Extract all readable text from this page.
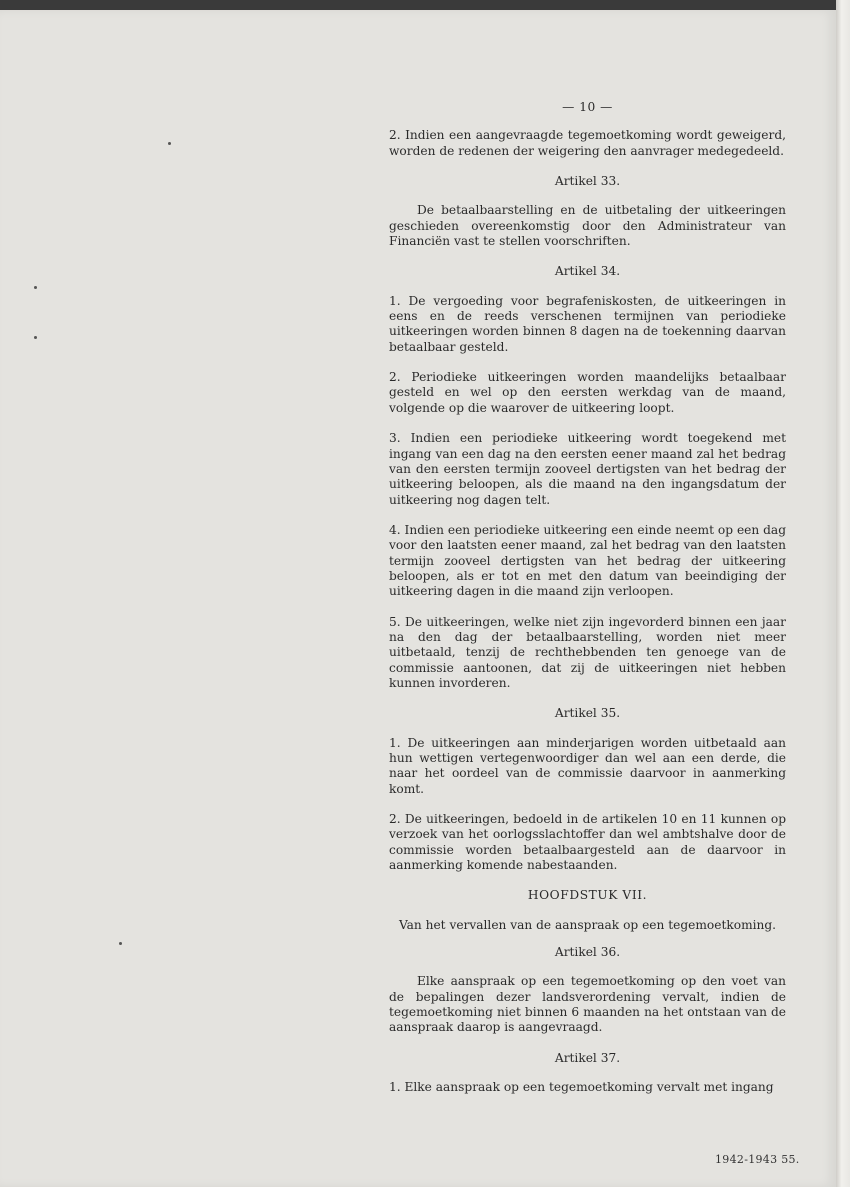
— 10 —

2. Indien een aangevraagde tegemoetkoming wordt geweigerd, worden de redenen der weigering den aanvrager medegedeeld.

Artikel 33.

De betaalbaarstelling en de uitbetaling der uitkeeringen geschieden overeenkomstig door den Administrateur van Financiën vast te stellen voorschriften.

Artikel 34.

1. De vergoeding voor begrafeniskosten, de uitkeeringen in eens en de reeds verschenen termijnen van periodieke uitkeeringen worden binnen 8 dagen na de toekenning daarvan betaalbaar gesteld.

2. Periodieke uitkeeringen worden maandelijks betaalbaar gesteld en wel op den eersten werkdag van de maand, volgende op die waarover de uitkeering loopt.

3. Indien een periodieke uitkeering wordt toegekend met ingang van een dag na den eersten eener maand zal het bedrag van den eersten termijn zooveel dertigsten van het bedrag der uitkeering beloopen, als die maand na den ingangsdatum der uitkeering nog dagen telt.

4. Indien een periodieke uitkeering een einde neemt op een dag voor den laatsten eener maand, zal het bedrag van den laatsten termijn zooveel dertigsten van het bedrag der uitkeering beloopen, als er tot en met den datum van beeindiging der uitkeering dagen in die maand zijn verloopen.

5. De uitkeeringen, welke niet zijn ingevorderd binnen een jaar na den dag der betaalbaarstelling, worden niet meer uitbetaald, tenzij de rechthebbenden ten genoege van de commissie aantoonen, dat zij de uitkeeringen niet hebben kunnen invorderen.

Artikel 35.

1. De uitkeeringen aan minderjarigen worden uitbetaald aan hun wettigen vertegenwoordiger dan wel aan een derde, die naar het oordeel van de commissie daarvoor in aanmerking komt.

2. De uitkeeringen, bedoeld in de artikelen 10 en 11 kunnen op verzoek van het oorlogsslachtoffer dan wel ambtshalve door de commissie worden betaalbaargesteld aan de daarvoor in aanmerking komende nabestaanden.

HOOFDSTUK VII.
Van het vervallen van de aanspraak op een tegemoetkoming.
Artikel 36.

Elke aanspraak op een tegemoetkoming op den voet van de bepalingen dezer landsverordening vervalt, indien de tegemoetkoming niet binnen 6 maanden na het ontstaan van de aanspraak daarop is aangevraagd.

Artikel 37.

1. Elke aanspraak op een tegemoetkoming vervalt met ingang

1942-1943 55.
